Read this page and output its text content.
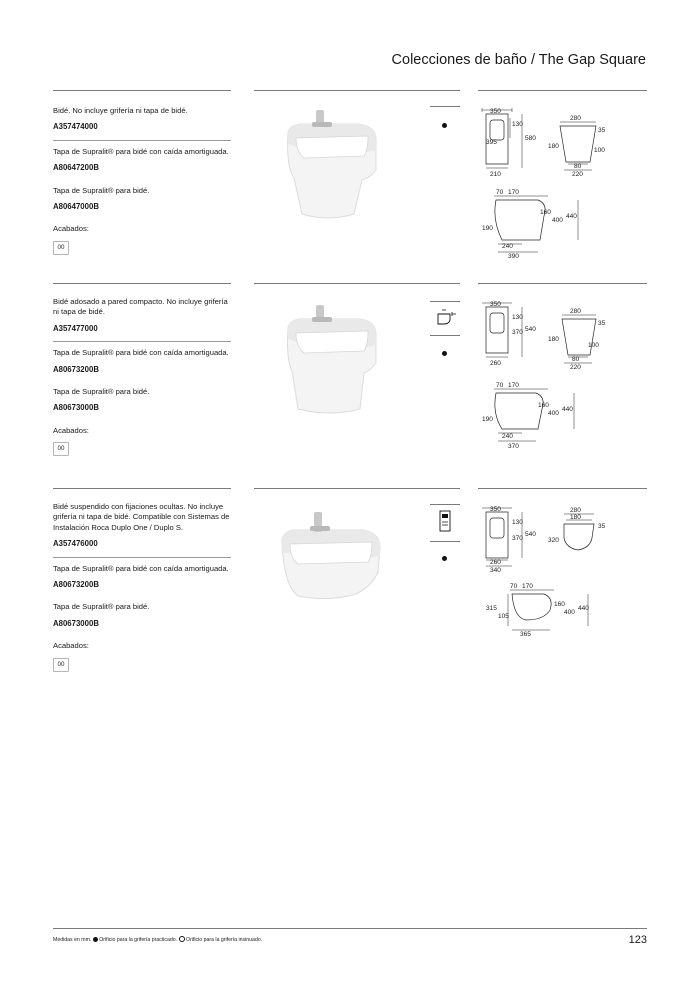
Colecciones de baño / The Gap Square

Bidé. No incluye grifería ni tapa de bidé.

A357474000

Tapa de Supralit® para bidé con caída amortiguada.

A80647200B

Tapa de Supralit® para bidé.

A80647000B

Acabados:

00
350
130
395
580
210
280
35
180
100
80
220
70 170
160
400
440
190
240
390

Bidé adosado a pared compacto. No incluye grifería ni tapa de bidé.

A357477000

Tapa de Supralit® para bidé con caída amortiguada.

A80673200B

Tapa de Supralit® para bidé.

A80673000B

Acabados:

00
350
130
370 540
260
280
35
180
100
80
220
70 170
160
400
440
190
240
370

Bidé suspendido con fijaciones ocultas. No incluye grifería ni tapa de bidé. Compatible con Sistemas de Instalación Roca Duplo One / Duplo S.

A357476000

Tapa de Supralit® para bidé con caída amortiguada.

A80673200B

Tapa de Supralit® para bidé.

A80673000B

Acabados:

00
350
130
370
540
260
340
280
180
35
320
70 170
160
400
440
315
105
365
Medidas en mm. Orificio para la grifería practicado. Orificio para la grifería insinuado.	123
